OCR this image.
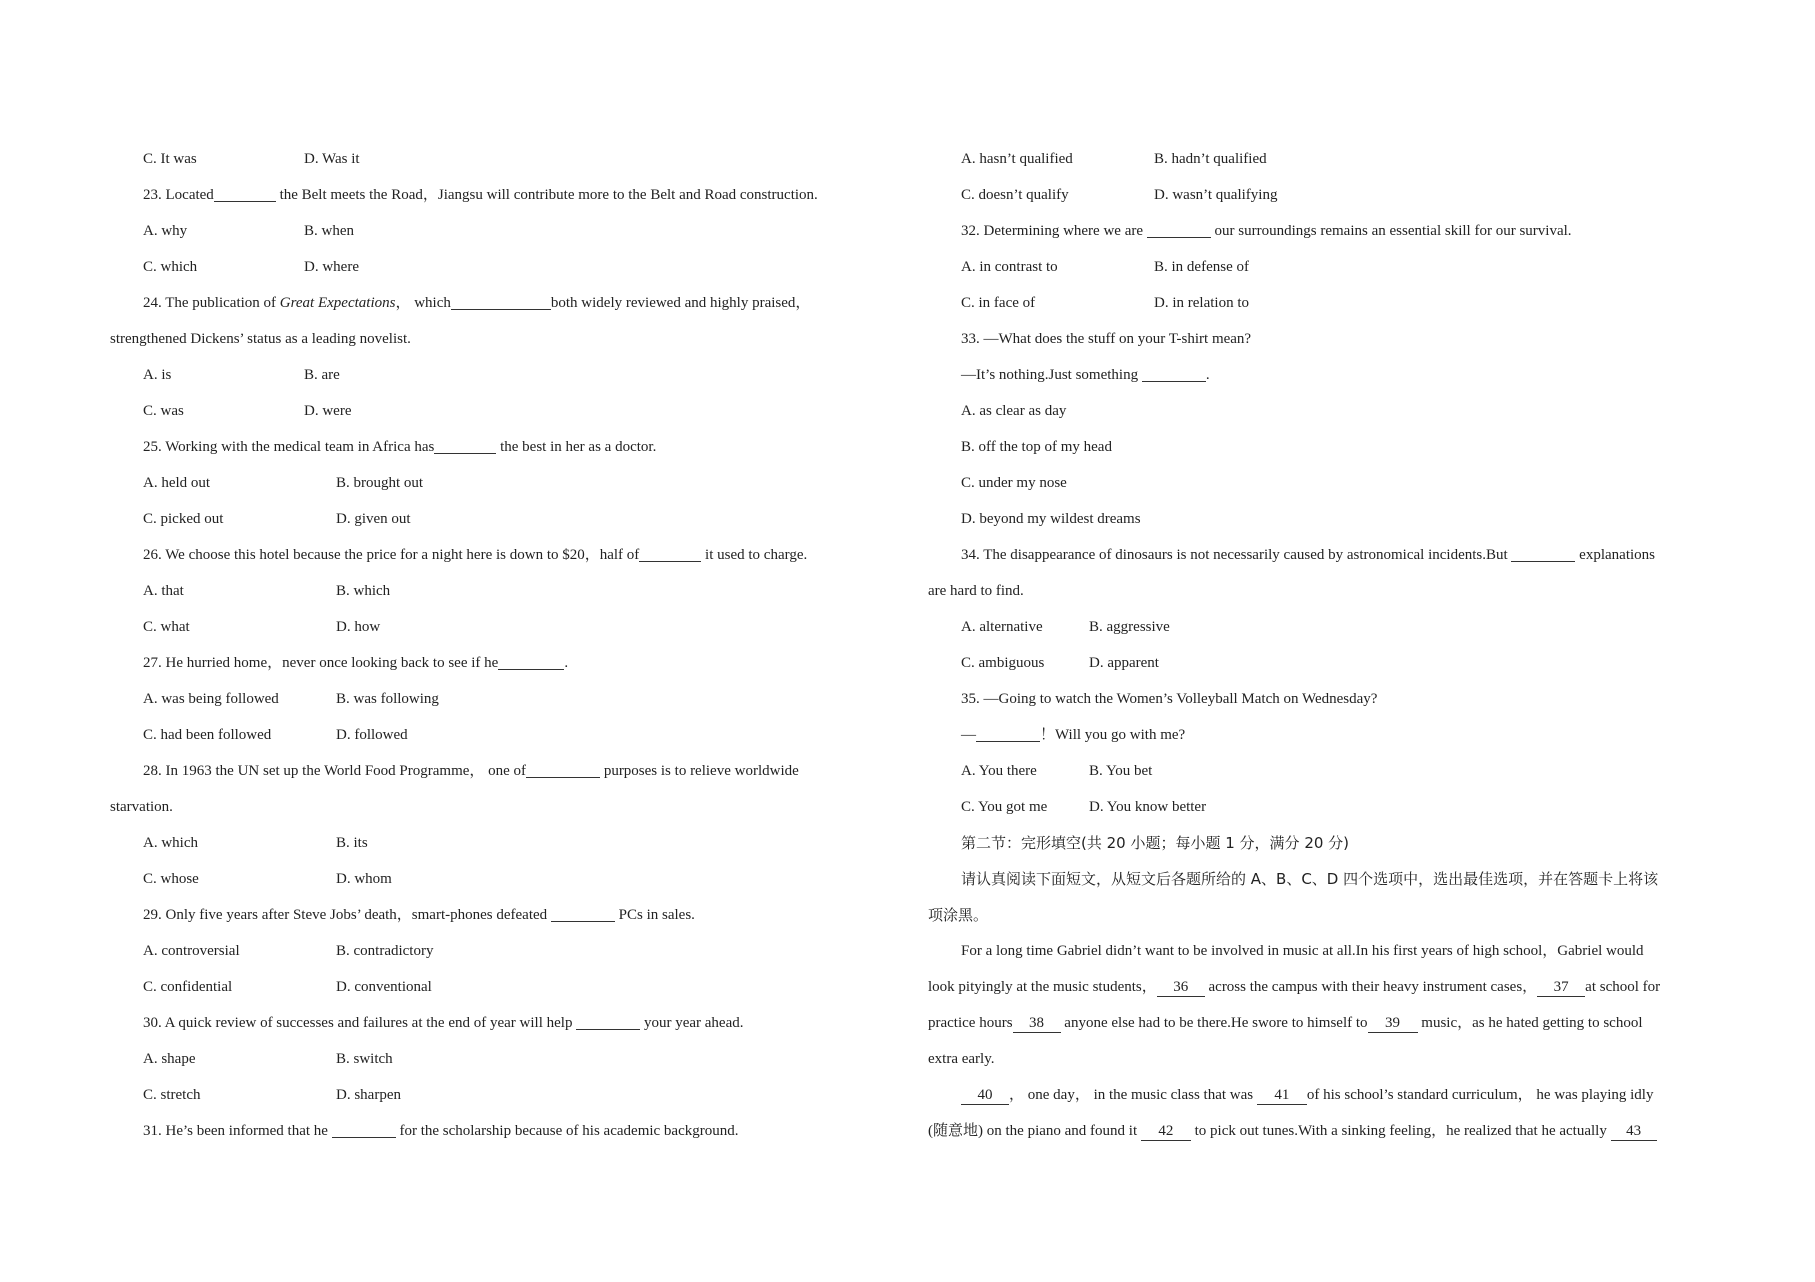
C. It was	D. Was it
23. Located	the Belt meets the Road，Jiangsu will contribute more to the Belt and Road construction.
A. why	B. when
C. which	D. where
24. The publication of Great Expectations， which	both widely reviewed and highly praised，
strengthened Dickens’ status as a leading novelist.
A. is	B. are
C. was	D. were
25. Working with the medical team in Africa has	the best in her as a doctor.
A. held out	B. brought out
C. picked out	D. given out
26. We choose this hotel because the price for a night here is down to $20，half of	it used to charge.
A. that	B. which
C. what	D. how
27. He hurried home，never once looking back to see if he	.
A. was being followed	B. was following
C. had been followed	D. followed
28. In 1963 the UN set up the World Food Programme， one of	purposes is to relieve worldwide
starvation.
A. which	B. its
C. whose	D. whom
29. Only five years after Steve Jobs’ death，smart-phones defeated	PCs in sales.
A. controversial	B. contradictory
C. confidential	D. conventional
30. A quick review of successes and failures at the end of year will help	your year ahead.
A. shape	B. switch
C. stretch	D. sharpen
31. He’s been informed that he	for the scholarship because of his academic background.
A. hasn’t qualified	B. hadn’t qualified
C. doesn’t qualify	D. wasn’t qualifying
32. Determining where we are	our surroundings remains an essential skill for our survival.
A. in contrast to	B. in defense of
C. in face of	D. in relation to
33. —What does the stuff on your T-shirt mean?
—It’s nothing.Just something	.
A. as clear as day
B. off the top of my head
C. under my nose
D. beyond my wildest dreams
34. The disappearance of dinosaurs is not necessarily caused by astronomical incidents.But	explanations
are hard to find.
A. alternative	B. aggressive
C. ambiguous	D. apparent
35. —Going to watch the Women’s Volleyball Match on Wednesday?
—	！Will you go with me?
A. You there	B. You bet
C. You got me	D. You know better
第二节：完形填空(共 20 小题；每小题 1 分，满分 20 分)
请认真阅读下面短文，从短文后各题所给的 A、B、C、D 四个选项中，选出最佳选项，并在答题卡上将该
项涂黑。
For a long time Gabriel didn’t want to be involved in music at all.In his first years of high school，Gabriel would
look pityingly at the music students， 36 across the campus with their heavy instrument cases， 37 at school for
practice hours 38 anyone else had to be there.He swore to himself to 39 music，as he hated getting to school
extra early.
40 ， one day， in the music class that was 41 of his school’s standard curriculum， he was playing idly
(随意地) on the piano and found it 42 to pick out tunes.With a sinking feeling，he realized that he actually 43
